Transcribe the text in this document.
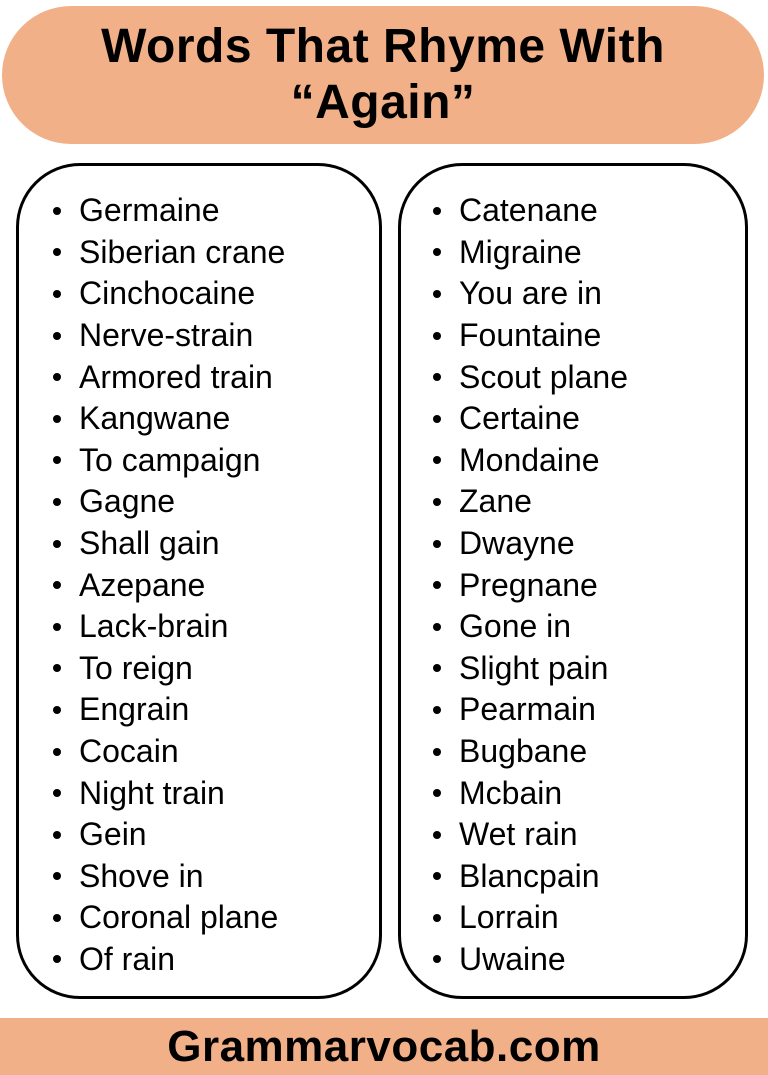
Words That Rhyme With “Again”
Germaine
Siberian crane
Cinchocaine
Nerve-strain
Armored train
Kangwane
To campaign
Gagne
Shall gain
Azepane
Lack-brain
To reign
Engrain
Cocain
Night train
Gein
Shove in
Coronal plane
Of rain
Catenane
Migraine
You are in
Fountaine
Scout plane
Certaine
Mondaine
Zane
Dwayne
Pregnane
Gone in
Slight pain
Pearmain
Bugbane
Mcbain
Wet rain
Blancpain
Lorrain
Uwaine
Grammarvocab.com
